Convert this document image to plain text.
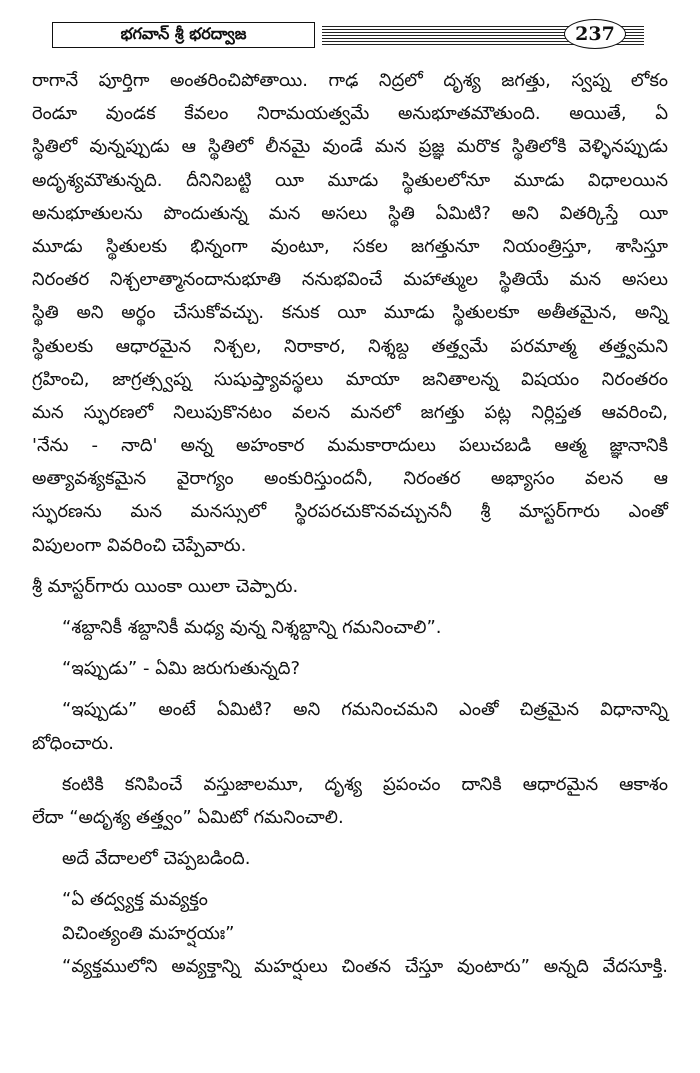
భగవాన్ శ్రీ భరద్వాజ	237
రాగానే పూర్తిగా అంతరించిపోతాయి. గాఢ నిద్రలో దృశ్య జగత్తు, స్వప్న లోకం
రెండూ వుండక కేవలం నిరామయత్వమే అనుభూతమౌతుంది. అయితే, ఏ
స్థితిలో వున్నప్పుడు ఆ స్థితిలో లీనమై వుండే మన ప్రజ్ఞ మరొక స్థితిలోకి వెళ్ళినప్పుడు
అదృశ్యమౌతున్నది. దీనినిబట్టి యీ మూడు స్థితులలోనూ మూడు విధాలయిన
అనుభూతులను పొందుతున్న మన అసలు స్థితి ఏమిటి? అని వితర్కిస్తే యీ
మూడు స్థితులకు భిన్నంగా వుంటూ, సకల జగత్తునూ నియంత్రిస్తూ, శాసిస్తూ
నిరంతర నిశ్చలాత్మానందానుభూతి ననుభవించే మహాత్ముల స్థితియే మన అసలు
స్థితి అని అర్థం చేసుకోవచ్చు. కనుక యీ మూడు స్థితులకూ అతీతమైన, అన్ని
స్థితులకు ఆధారమైన నిశ్చల, నిరాకార, నిశ్శబ్ద తత్త్వమే పరమాత్మ తత్త్వమని
గ్రహించి, జాగ్రత్స్వప్న సుషుప్త్యావస్థలు మాయా జనితాలన్న విషయం నిరంతరం
మన స్ఫురణలో నిలుపుకొనటం వలన మనలో జగత్తు పట్ల నిర్లిప్తత ఆవరించి,
'నేను - నాది' అన్న అహంకార మమకారాదులు పలుచబడి ఆత్మ జ్ఞానానికి
అత్యావశ్యకమైన వైరాగ్యం అంకురిస్తుందనీ, నిరంతర అభ్యాసం వలన ఆ
స్ఫురణను మన మనస్సులో స్థిరపరచుకొనవచ్చుననీ శ్రీ మాస్టర్‌గారు ఎంతో
విపులంగా వివరించి చెప్పేవారు.
శ్రీ మాస్టర్‌గారు యింకా యిలా చెప్పారు.
“శబ్దానికీ శబ్దానికీ మధ్య వున్న నిశ్శబ్దాన్ని గమనించాలి”.
“ఇప్పుడు” - ఏమి జరుగుతున్నది?
“ఇప్పుడు” అంటే ఏమిటి? అని గమనించమని ఎంతో చిత్రమైన విధానాన్ని
బోధించారు.
కంటికి కనిపించే వస్తుజాలమూ, దృశ్య ప్రపంచం దానికి ఆధారమైన ఆకాశం
లేదా “అదృశ్య తత్త్వం” ఏమిటో గమనించాలి.
అదే వేదాలలో చెప్పబడింది.
“ఏ తద్వ్యక్త మవ్యక్తం
విచింత్యంతి మహర్షయః”
“వ్యక్తములోని అవ్యక్తాన్ని మహర్షులు చింతన చేస్తూ వుంటారు” అన్నది వేదసూక్తి.
